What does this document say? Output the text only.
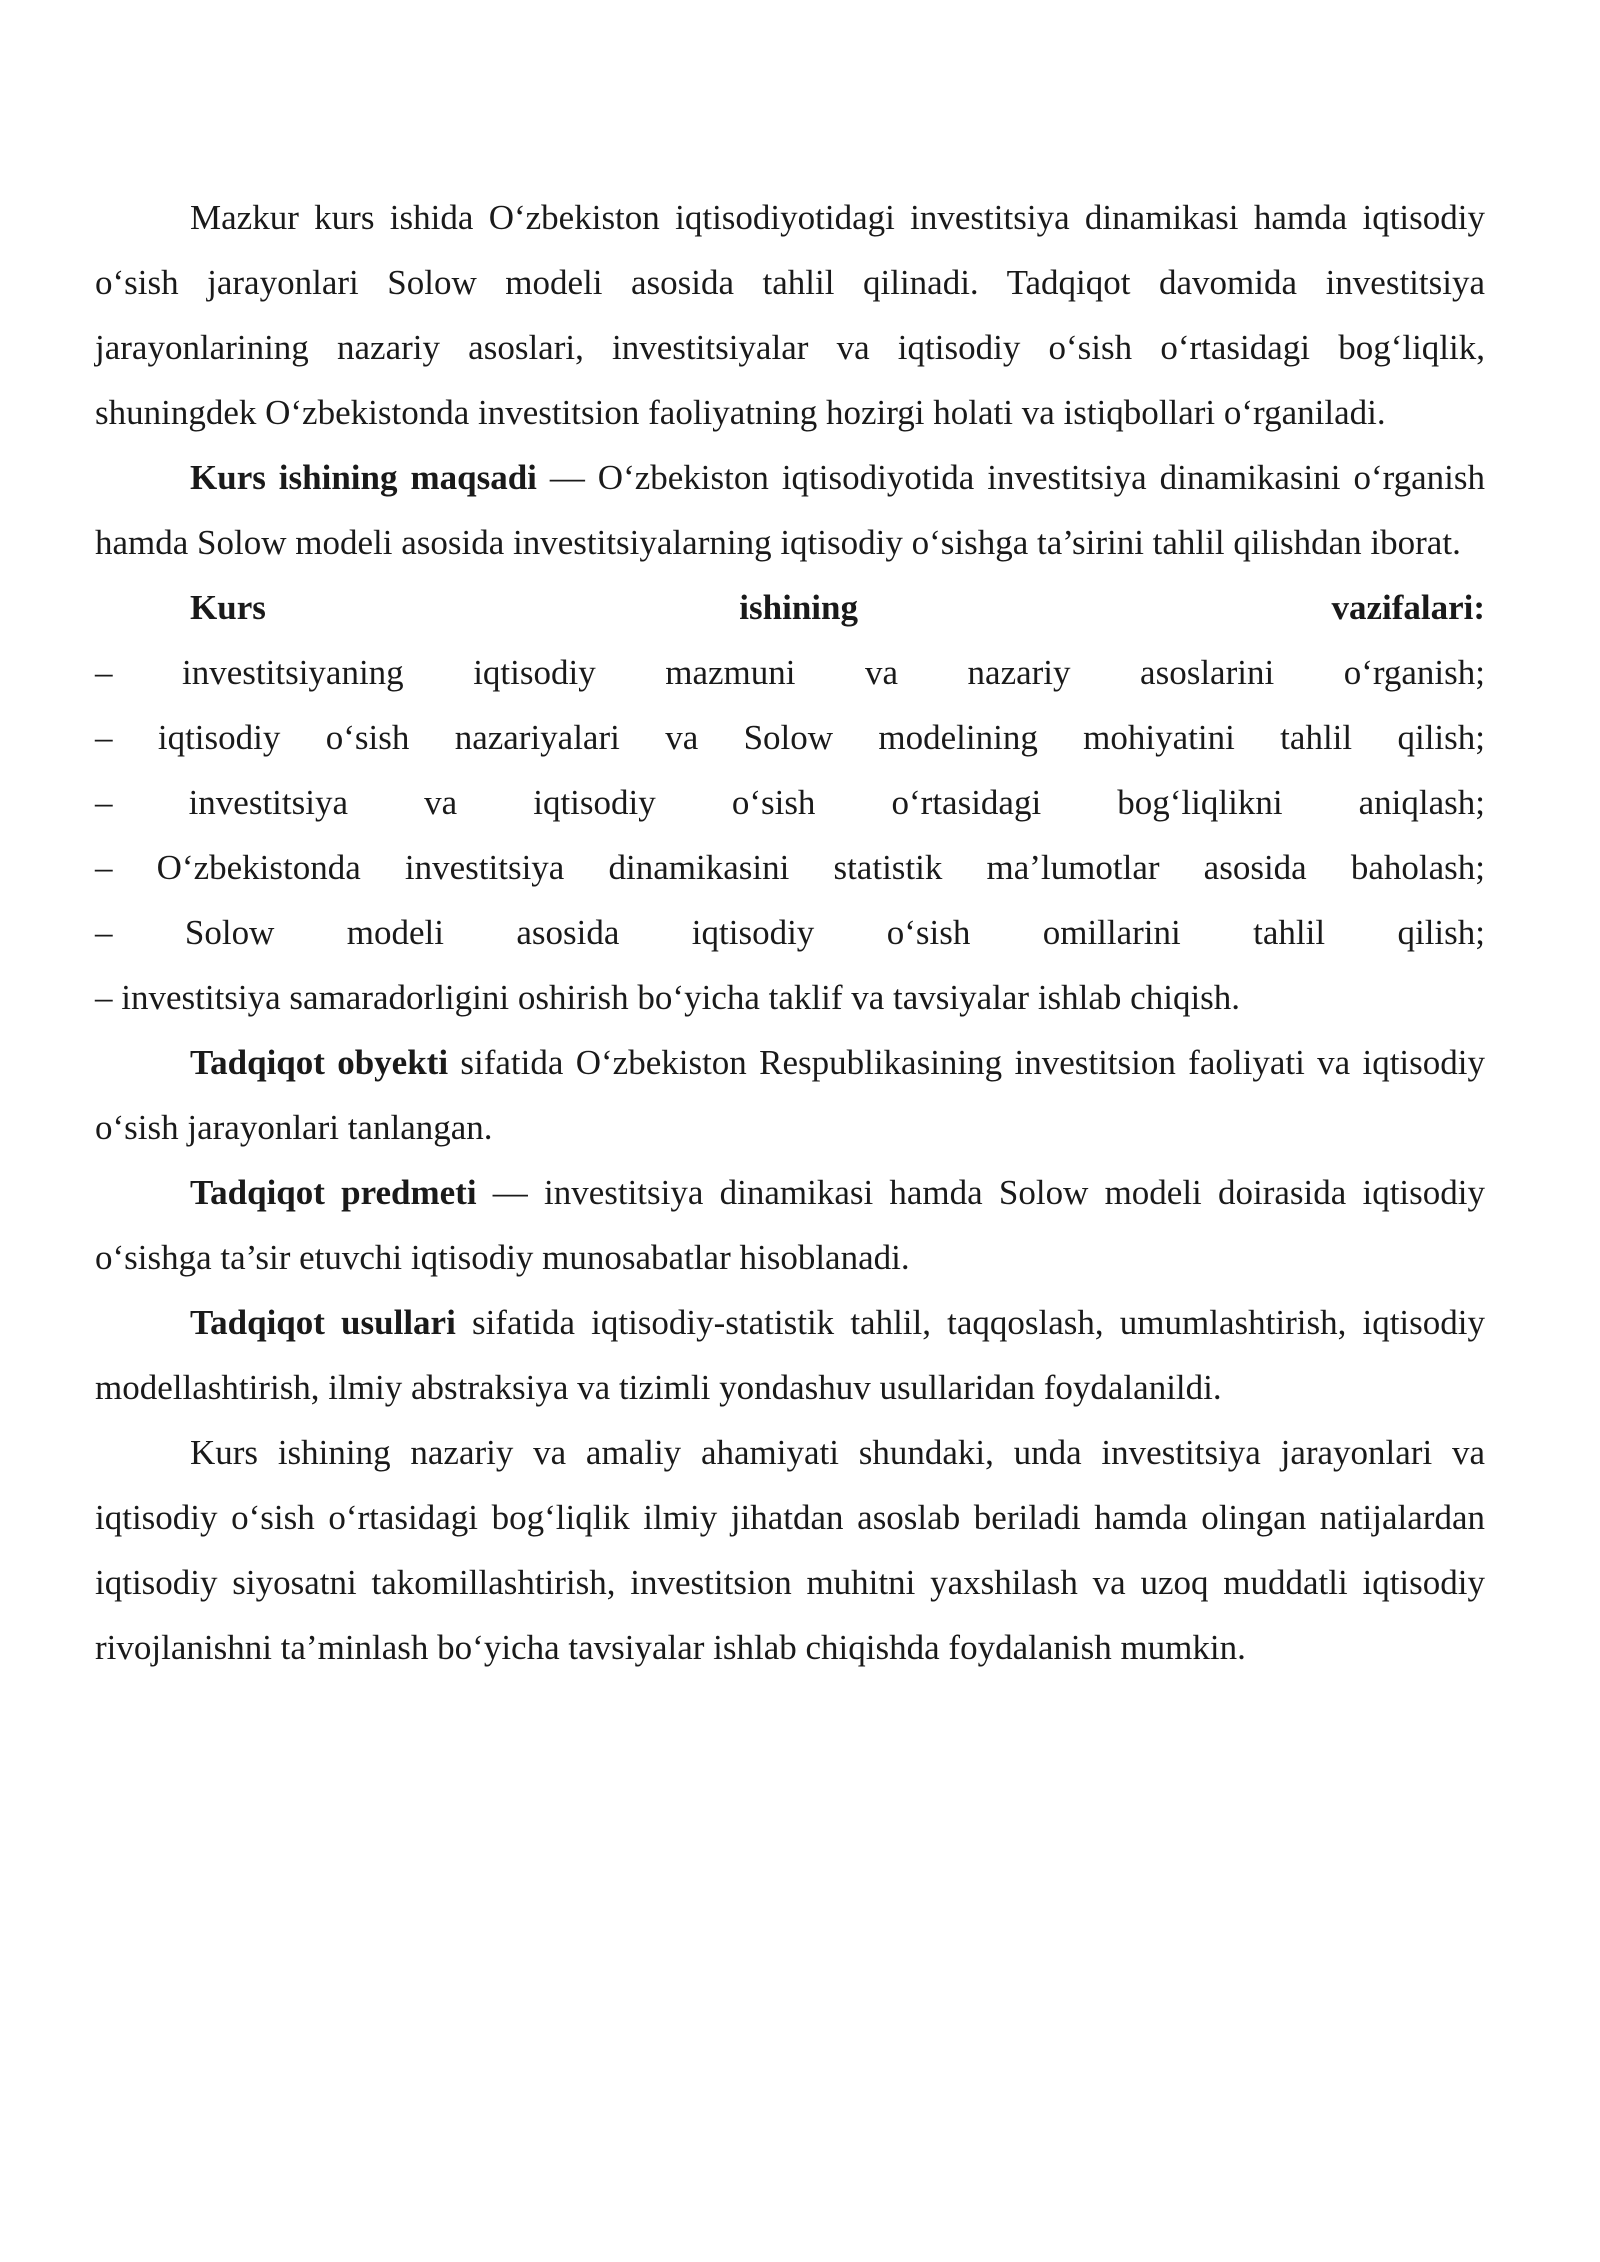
Mazkur kurs ishida O‘zbekiston iqtisodiyotidagi investitsiya dinamikasi hamda iqtisodiy o‘sish jarayonlari Solow modeli asosida tahlil qilinadi. Tadqiqot davomida investitsiya jarayonlarining nazariy asoslari, investitsiyalar va iqtisodiy o‘sish o‘rtasidagi bog‘liqlik, shuningdek O‘zbekistonda investitsion faoliyatning hozirgi holati va istiqbollari o‘rganiladi.

Kurs ishining maqsadi — O‘zbekiston iqtisodiyotida investitsiya dinamikasini o‘rganish hamda Solow modeli asosida investitsiyalarning iqtisodiy o‘sishga ta’sirini tahlil qilishdan iborat.

Kurs ishining vazifalari:

– investitsiyaning iqtisodiy mazmuni va nazariy asoslarini o‘rganish;

– iqtisodiy o‘sish nazariyalari va Solow modelining mohiyatini tahlil qilish;

– investitsiya va iqtisodiy o‘sish o‘rtasidagi bog‘liqlikni aniqlash;

– O‘zbekistonda investitsiya dinamikasini statistik ma’lumotlar asosida baholash;

– Solow modeli asosida iqtisodiy o‘sish omillarini tahlil qilish;

– investitsiya samaradorligini oshirish bo‘yicha taklif va tavsiyalar ishlab chiqish.

Tadqiqot obyekti sifatida O‘zbekiston Respublikasining investitsion faoliyati va iqtisodiy o‘sish jarayonlari tanlangan.

Tadqiqot predmeti — investitsiya dinamikasi hamda Solow modeli doirasida iqtisodiy o‘sishga ta’sir etuvchi iqtisodiy munosabatlar hisoblanadi.

Tadqiqot usullari sifatida iqtisodiy-statistik tahlil, taqqoslash, umumlashtirish, iqtisodiy modellashtirish, ilmiy abstraksiya va tizimli yondashuv usullaridan foydalanildi.

Kurs ishining nazariy va amaliy ahamiyati shundaki, unda investitsiya jarayonlari va iqtisodiy o‘sish o‘rtasidagi bog‘liqlik ilmiy jihatdan asoslab beriladi hamda olingan natijalardan iqtisodiy siyosatni takomillashtirish, investitsion muhitni yaxshilash va uzoq muddatli iqtisodiy rivojlanishni ta’minlash bo‘yicha tavsiyalar ishlab chiqishda foydalanish mumkin.
